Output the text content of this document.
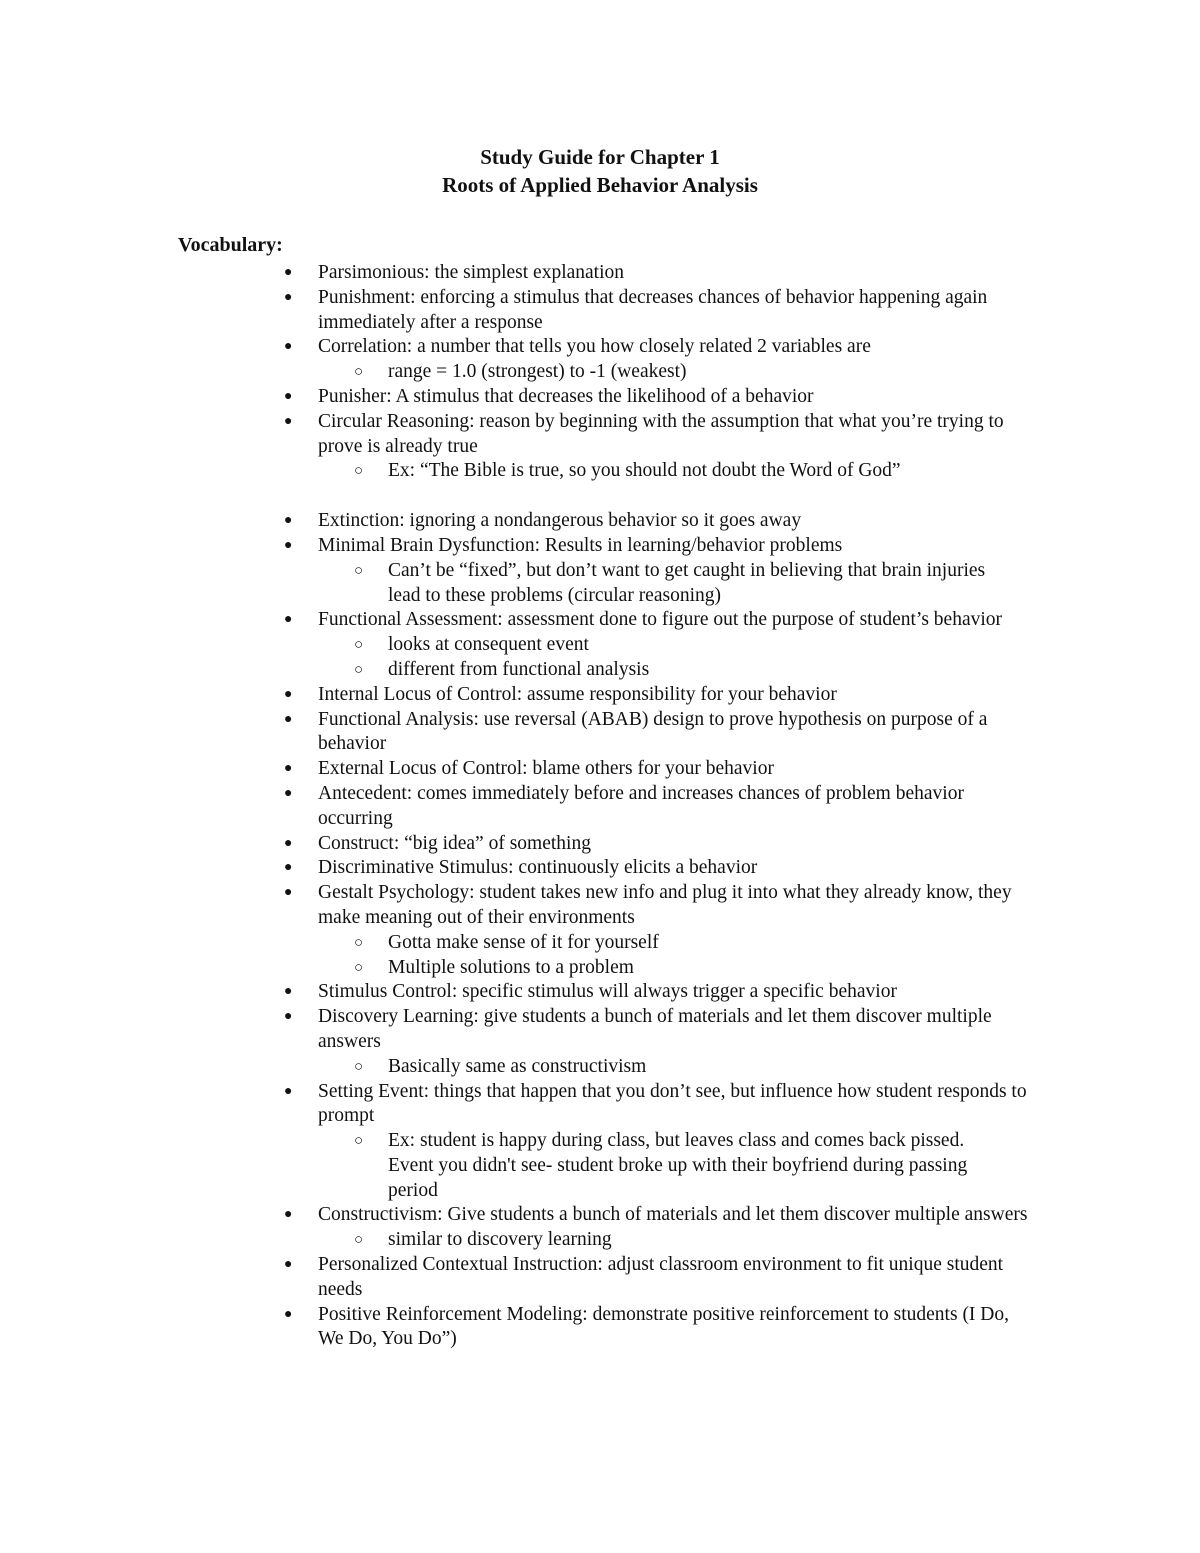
Study Guide for Chapter 1
Roots of Applied Behavior Analysis
Vocabulary:
● Parsimonious: the simplest explanation
● Punishment: enforcing a stimulus that decreases chances of behavior happening again immediately after a response
● Correlation: a number that tells you how closely related 2 variables are
○ range = 1.0 (strongest) to -1 (weakest)
● Punisher: A stimulus that decreases the likelihood of a behavior
● Circular Reasoning: reason by beginning with the assumption that what you’re trying to prove is already true
○ Ex: “The Bible is true, so you should not doubt the Word of God”
● Extinction: ignoring a nondangerous behavior so it goes away
● Minimal Brain Dysfunction: Results in learning/behavior problems
○ Can’t be “fixed”, but don’t want to get caught in believing that brain injuries lead to these problems (circular reasoning)
● Functional Assessment: assessment done to figure out the purpose of student’s behavior
○ looks at consequent event
○ different from functional analysis
● Internal Locus of Control: assume responsibility for your behavior
● Functional Analysis: use reversal (ABAB) design to prove hypothesis on purpose of a behavior
● External Locus of Control: blame others for your behavior
● Antecedent: comes immediately before and increases chances of problem behavior occurring
● Construct: “big idea” of something
● Discriminative Stimulus: continuously elicits a behavior
● Gestalt Psychology: student takes new info and plug it into what they already know, they make meaning out of their environments
○ Gotta make sense of it for yourself
○ Multiple solutions to a problem
● Stimulus Control: specific stimulus will always trigger a specific behavior
● Discovery Learning: give students a bunch of materials and let them discover multiple answers
○ Basically same as constructivism
● Setting Event: things that happen that you don’t see, but influence how student responds to prompt
○ Ex: student is happy during class, but leaves class and comes back pissed. Event you didn't see- student broke up with their boyfriend during passing period
● Constructivism: Give students a bunch of materials and let them discover multiple answers
○ similar to discovery learning
● Personalized Contextual Instruction: adjust classroom environment to fit unique student needs
● Positive Reinforcement Modeling: demonstrate positive reinforcement to students (I Do, We Do, You Do”)
